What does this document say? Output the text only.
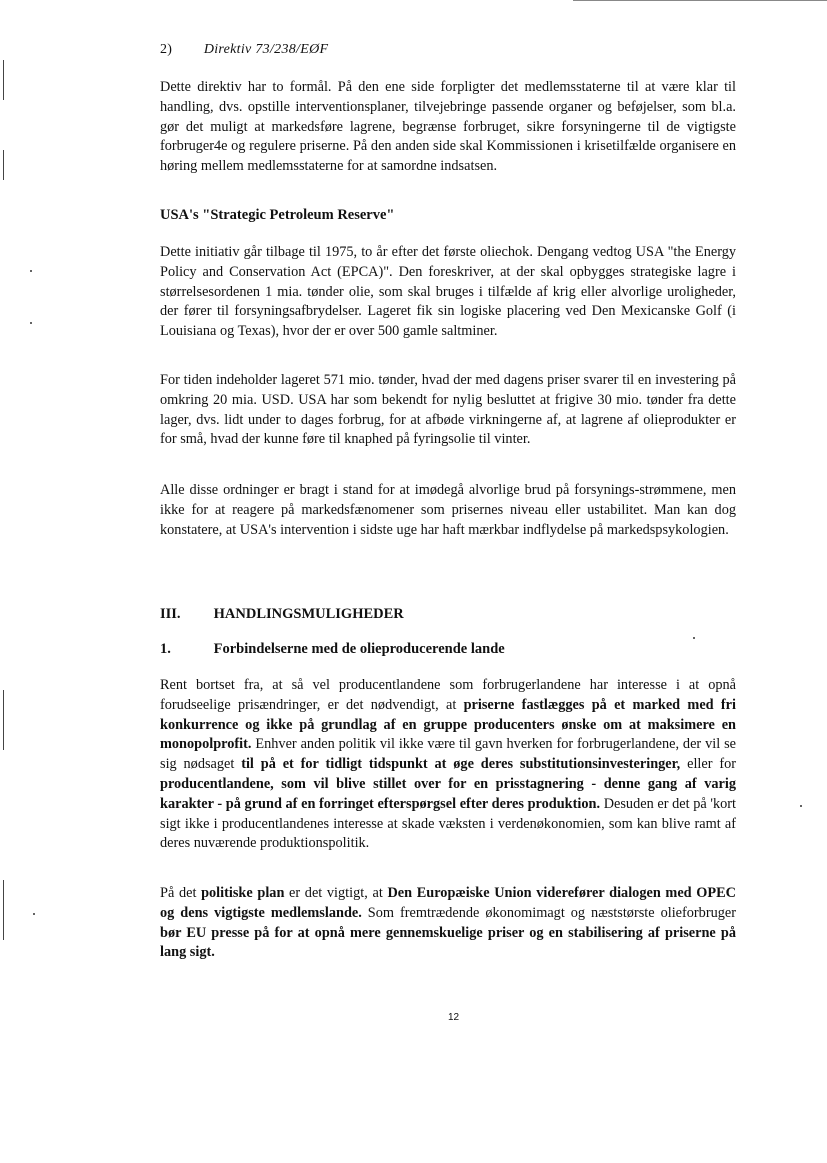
2) Direktiv 73/238/EØF

Dette direktiv har to formål. På den ene side forpligter det medlemsstaterne til at være klar til handling, dvs. opstille interventionsplaner, tilvejebringe passende organer og beføjelser, som bl.a. gør det muligt at markedsføre lagrene, begrænse forbruget, sikre forsyningerne til de vigtigste forbruger4e og regulere priserne. På den anden side skal Kommissionen i krisetilfælde organisere en høring mellem medlemsstaterne for at samordne indsatsen.

USA's "Strategic Petroleum Reserve"

Dette initiativ går tilbage til 1975, to år efter det første oliechok. Dengang vedtog USA "the Energy Policy and Conservation Act (EPCA)". Den foreskriver, at der skal opbygges strategiske lagre i størrelsesordenen 1 mia. tønder olie, som skal bruges i tilfælde af krig eller alvorlige uroligheder, der fører til forsyningsafbrydelser. Lageret fik sin logiske placering ved Den Mexicanske Golf (i Louisiana og Texas), hvor der er over 500 gamle saltminer.

For tiden indeholder lageret 571 mio. tønder, hvad der med dagens priser svarer til en investering på omkring 20 mia. USD. USA har som bekendt for nylig besluttet at frigive 30 mio. tønder fra dette lager, dvs. lidt under to dages forbrug, for at afbøde virkningerne af, at lagrene af olieprodukter er for små, hvad der kunne føre til knaphed på fyringsolie til vinter.

Alle disse ordninger er bragt i stand for at imødegå alvorlige brud på forsynings-strømmene, men ikke for at reagere på markedsfænomener som prisernes niveau eller ustabilitet. Man kan dog konstatere, at USA's intervention i sidste uge har haft mærkbar indflydelse på markedspsykologien.

III. HANDLINGSMULIGHEDER
1.	Forbindelserne med de olieproducerende lande

Rent bortset fra, at så vel producentlandene som forbrugerlandene har interesse i at opnå forudseelige prisændringer, er det nødvendigt, at priserne fastlægges på et marked med fri konkurrence og ikke på grundlag af en gruppe producenters ønske om at maksimere en monopolprofit. Enhver anden politik vil ikke være til gavn hverken for forbrugerlandene, der vil se sig nødsaget til på et for tidligt tidspunkt at øge deres substitutionsinvesteringer, eller for producentlandene, som vil blive stillet over for en prisstagnering - denne gang af varig karakter - på grund af en forringet efterspørgsel efter deres produktion. Desuden er det på 'kort sigt ikke i producentlandenes interesse at skade væksten i verdenøkonomien, som kan blive ramt af deres nuværende produktionspolitik.

På det politiske plan er det vigtigt, at Den Europæiske Union viderefører dialogen med OPEC og dens vigtigste medlemslande. Som fremtrædende økonomimagt og næststørste olieforbruger bør EU presse på for at opnå mere gennemskuelige priser og en stabilisering af priserne på lang sigt.

12
